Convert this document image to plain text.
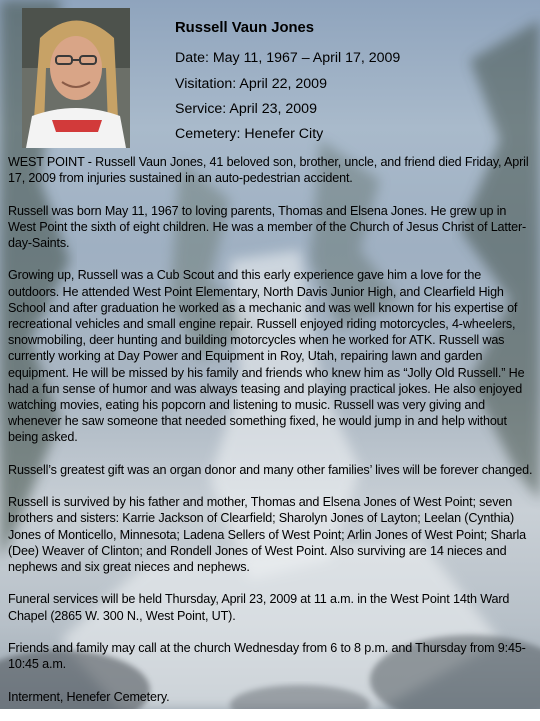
Russell Vaun Jones
Date: May 11, 1967 – April 17, 2009
Visitation: April 22, 2009
Service: April 23, 2009
Cemetery: Henefer City

WEST POINT - Russell Vaun Jones, 41 beloved son, brother, uncle, and friend died Friday, April 17, 2009 from injuries sustained in an auto-pedestrian accident.

Russell was born May 11, 1967 to loving parents, Thomas and Elsena Jones. He grew up in West Point the sixth of eight children. He was a member of the Church of Jesus Christ of Latter-day-Saints.

Growing up, Russell was a Cub Scout and this early experience gave him a love for the outdoors. He attended West Point Elementary, North Davis Junior High, and Clearfield High School and after graduation he worked as a mechanic and was well known for his expertise of recreational vehicles and small engine repair. Russell enjoyed riding motorcycles, 4-wheelers, snowmobiling, deer hunting and building motorcycles when he worked for ATK. Russell was currently working at Day Power and Equipment in Roy, Utah, repairing lawn and garden equipment. He will be missed by his family and friends who knew him as “Jolly Old Russell.” He had a fun sense of humor and was always teasing and playing practical jokes. He also enjoyed watching movies, eating his popcorn and listening to music. Russell was very giving and whenever he saw someone that needed something fixed, he would jump in and help without being asked.

Russell’s greatest gift was an organ donor and many other families’ lives will be forever changed.

Russell is survived by his father and mother, Thomas and Elsena Jones of West Point; seven brothers and sisters: Karrie Jackson of Clearfield; Sharolyn Jones of Layton; Leelan (Cynthia) Jones of Monticello, Minnesota; Ladena Sellers of West Point; Arlin Jones of West Point; Sharla (Dee) Weaver of Clinton; and Rondell Jones of West Point. Also surviving are 14 nieces and nephews and six great nieces and nephews.

Funeral services will be held Thursday, April 23, 2009 at 11 a.m. in the West Point 14th Ward Chapel (2865 W. 300 N., West Point, UT).

Friends and family may call at the church Wednesday from 6 to 8 p.m. and Thursday from 9:45-10:45 a.m.

Interment, Henefer Cemetery.
